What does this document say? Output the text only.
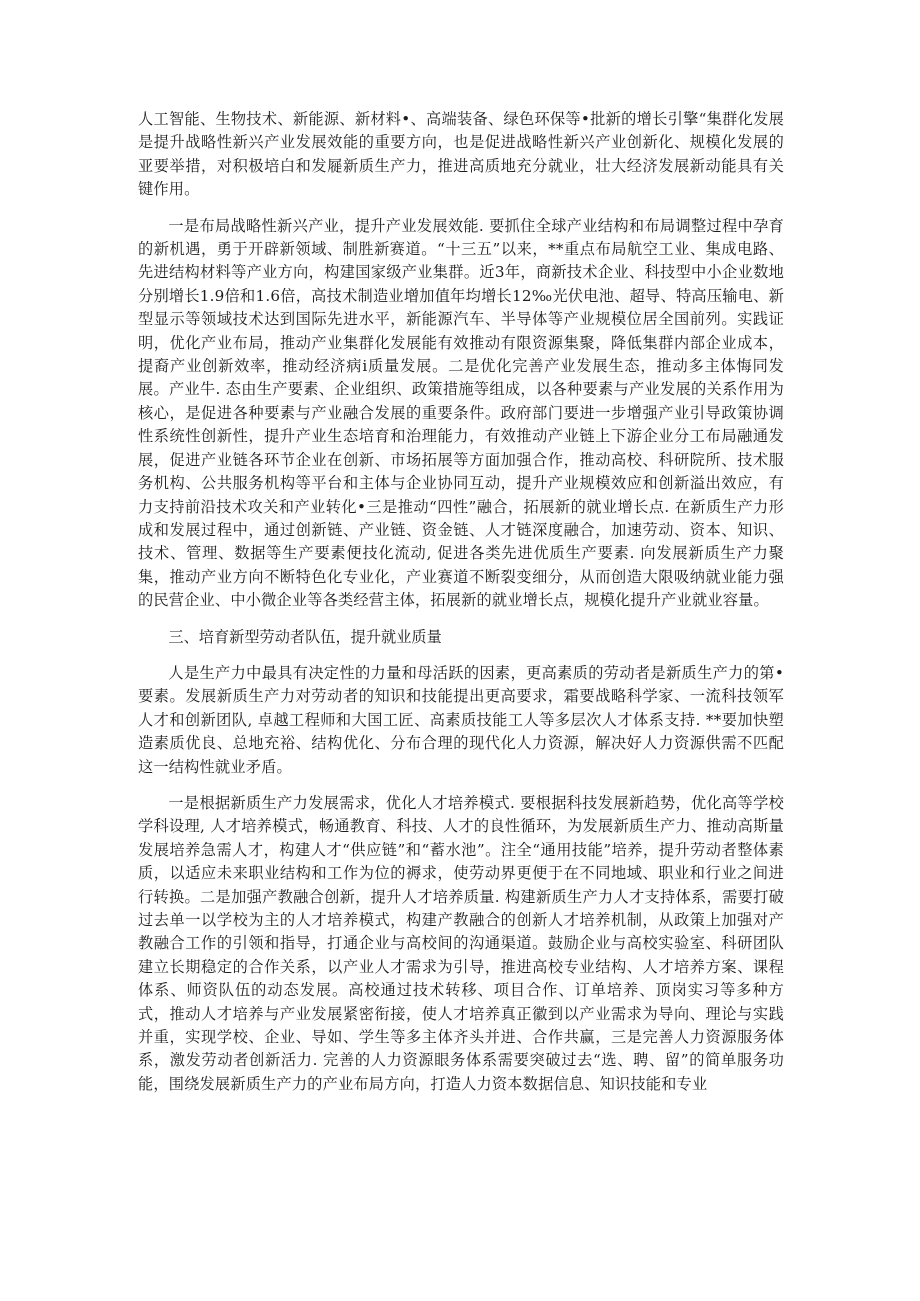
人工智能、生物技术、新能源、新材料•、高端装备、绿色环保等•批新的增长引擎“集群化发展是提升战略性新兴产业发展效能的重要方向，也是促进战略性新兴产业创新化、规模化发展的亚要举措，对积极培白和发屣新质生产力，推进高质地充分就业，壮大经济发展新动能具有关键作用。

一是布局战略性新兴产业，提升产业发展效能. 要抓住全球产业结构和布局调整过程中孕育的新机遇，勇于开辟新领域、制胜新赛道。“十三五”以来，**重点布局航空工业、集成电路、先进结构材料等产业方向，构建国家级产业集群。近3年，商新技术企业、科技型中小企业数地分别增长1.9倍和1.6倍，高技术制造业增加值年均增长12‰光伏电池、超导、特高压输电、新型显示等领域技术达到国际先进水平，新能源汽车、半导体等产业规模位居全国前列。实践证明，优化产业布局，推动产业集群化发展能有效推动有限资源集聚，降低集群内部企业成本，提裔产业创新效率，推动经济病i质量发展。二是优化完善产业发展生态，推动多主体悔同发展。产业牛. 态由生产要素、企业组织、政策措施等组成，以各种要素与产业发展的关系作用为核心，是促进各种要素与产业融合发展的重要条件。政府部门要进一步增强产业引导政策协调性系统性创新性，提升产业生态培育和治理能力，有效推动产业链上下游企业分工布局融通发展，促进产业链各环节企业在创新、市场拓展等方面加强合作，推动高校、科研院所、技术服务机构、公共服务机构等平台和主体与企业协同互动，提升产业规模效应和创新溢出效应，有力支持前沿技术攻关和产业转化•三是推动“四性”融合，拓展新的就业增长点. 在新质生产力形成和发展过程中，通过创新链、产业链、资金链、人才链深度融合，加速劳动、资本、知识、技术、管理、数据等生产要素便技化流动, 促进各类先进优质生产要素. 向发展新质生产力聚集，推动产业方向不断特色化专业化，产业赛道不断裂变细分，从而创造大限吸纳就业能力强的民营企业、中小微企业等各类经营主体，拓展新的就业增长点，规模化提升产业就业容量。

三、培育新型劳动者队伍，提升就业质量

人是生产力中最具有决定性的力量和母活跃的因素，更高素质的劳动者是新质生产力的第•要素。发展新质生产力对劳动者的知识和技能提出更高要求，霜要战略科学家、一流科技领军人才和创新团队, 卓越工程师和大国工匠、高素质技能工人等多层次人才体系支持. **要加快塑造素质优良、总地充裕、结构优化、分布合理的现代化人力资源，解决好人力资源供需不匹配这一结构性就业矛盾。

一是根据新质生产力发展需求，优化人才培养模式. 要根据科技发展新趋势，优化高等学校学科设理, 人才培养模式，畅通教育、科技、人才的良性循环，为发展新质生产力、推动高斯量发展培养急需人才，构建人才“供应链”和“蓄水池”。注全“通用技能”培养，提升劳动者整体素质，以适应未来职业结构和工作为位的褥求，使劳动界更便于在不同地域、职业和行业之间进行转换。二是加强产教融合创新，提升人才培养质量. 构建新质生产力人才支持体系，需要打破过去单一以学校为主的人才培养模式，构建产教融合的创新人才培养机制，从政策上加强对产教融合工作的引领和指导，打通企业与高校间的沟通渠道。鼓励企业与高校实验室、科研团队建立长期稳定的合作关系，以产业人才需求为引导，推进高校专业结构、人才培养方案、课程体系、师资队伍的动态发展。高校通过技术转移、项目合作、订单培养、顶岗实习等多种方式，推动人才培养与产业发展紧密衔接，使人才培养真正徽到以产业需求为导向、理论与实践并重，实现学校、企业、导如、学生等多主体齐头并进、合作共赢，三是完善人力资源服务体系，激发劳动者创新活力. 完善的人力资源眼务体系需要突破过去“选、聘、留”的简单服务功能，围绕发展新质生产力的产业布局方向，打造人力资本数据信息、知识技能和专业
